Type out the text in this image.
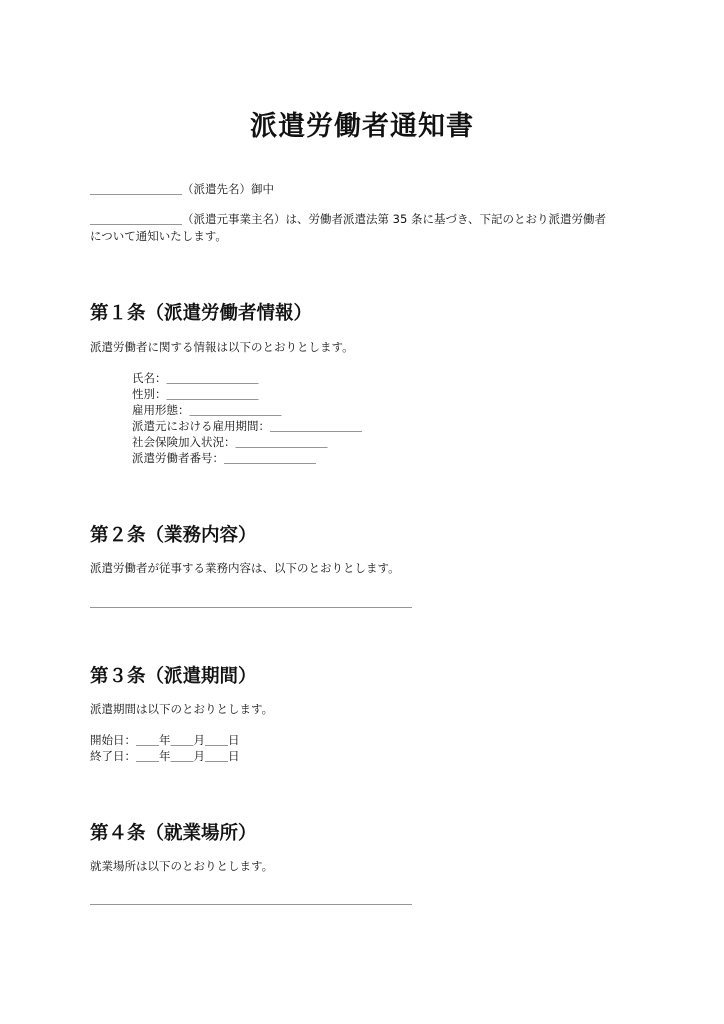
派遣労働者通知書
＿＿＿＿＿＿＿＿（派遣先名）御中
＿＿＿＿＿＿＿＿（派遣元事業主名）は、労働者派遣法第 35 条に基づき、下記のとおり派遣労働者
について通知いたします。
第１条（派遣労働者情報）
派遣労働者に関する情報は以下のとおりとします。
氏名：＿＿＿＿＿＿＿＿
性別：＿＿＿＿＿＿＿＿
雇用形態：＿＿＿＿＿＿＿＿
派遣元における雇用期間：＿＿＿＿＿＿＿＿
社会保険加入状況：＿＿＿＿＿＿＿＿
派遣労働者番号：＿＿＿＿＿＿＿＿
第２条（業務内容）
派遣労働者が従事する業務内容は、以下のとおりとします。
＿＿＿＿＿＿＿＿＿＿＿＿＿＿＿＿＿＿＿＿＿＿＿＿＿＿＿＿
第３条（派遣期間）
派遣期間は以下のとおりとします。
開始日：＿＿年＿＿月＿＿日
終了日：＿＿年＿＿月＿＿日
第４条（就業場所）
就業場所は以下のとおりとします。
＿＿＿＿＿＿＿＿＿＿＿＿＿＿＿＿＿＿＿＿＿＿＿＿＿＿＿＿
